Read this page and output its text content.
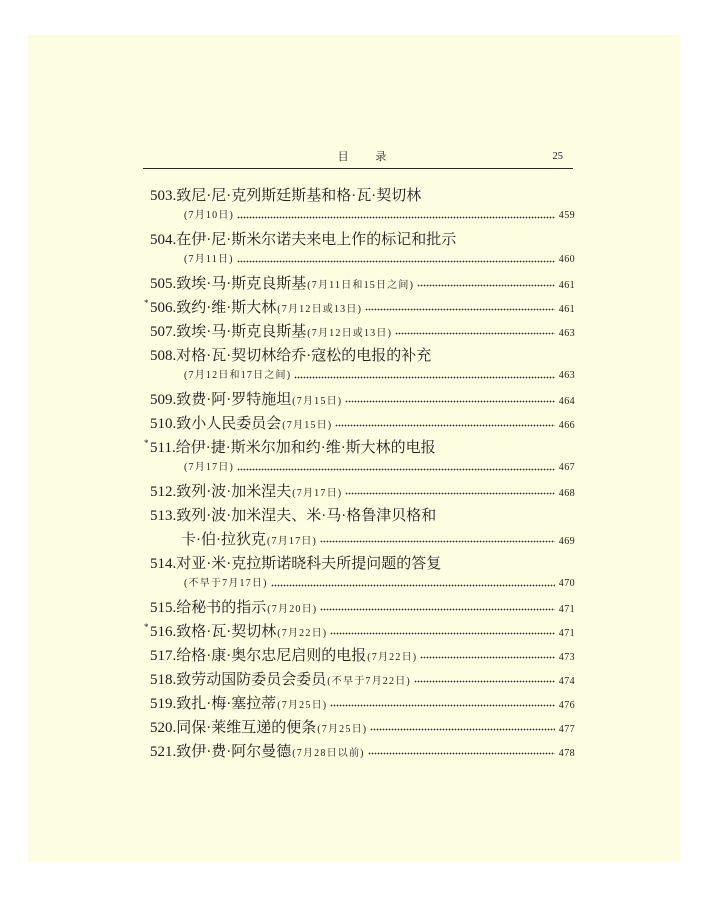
目 录	25
503. 致尼·尼·克列斯廷斯基和格·瓦·契切林
(7月10日)	459
504. 在伊·尼·斯米尔诺夫来电上作的标记和批示
(7月11日)	460
505. 致埃·马·斯克良斯基 (7月11日和15日之间)	461
* 506. 致约·维·斯大林 (7月12日或13日)	461
507. 致埃·马·斯克良斯基 (7月12日或13日)	463
508. 对格·瓦·契切林给乔·寇松的电报的补充
(7月12日和17日之间)	463
509. 致费·阿·罗特施坦 (7月15日)	464
510. 致小人民委员会 (7月15日)	466
* 511. 给伊·捷·斯米尔加和约·维·斯大林的电报
(7月17日)	467
512. 致列·波·加米涅夫 (7月17日)	468
513. 致列·波·加米涅夫、米·马·格鲁津贝格和
卡·伯·拉狄克 (7月17日)	469
514. 对亚·米·克拉斯诺晓科夫所提问题的答复
(不早于7月17日)	470
515. 给秘书的指示 (7月20日)	471
* 516. 致格·瓦·契切林 (7月22日)	471
517. 给格·康·奥尔忠尼启则的电报 (7月22日)	473
518. 致劳动国防委员会委员 (不早于7月22日)	474
519. 致扎·梅·塞拉蒂 (7月25日)	476
520. 同保·莱维互递的便条 (7月25日)	477
521. 致伊·费·阿尔曼德 (7月28日以前)	478
